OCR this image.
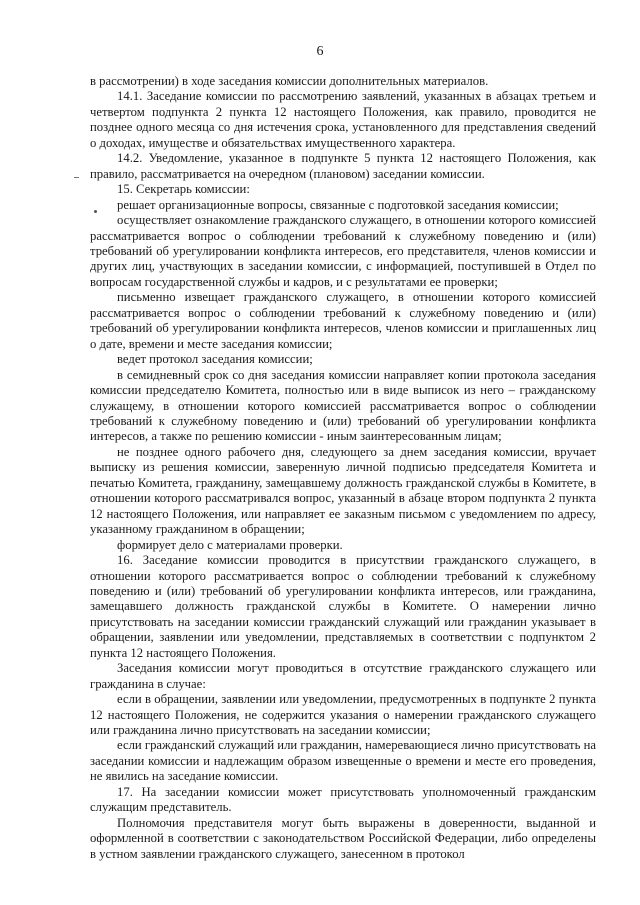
6

в рассмотрении) в ходе заседания комиссии дополнительных материалов.

14.1. Заседание комиссии по рассмотрению заявлений, указанных в абзацах третьем и четвертом подпункта 2 пункта 12 настоящего Положения, как правило, проводится не позднее одного месяца со дня истечения срока, установленного для представления сведений о доходах, имуществе и обязательствах имущественного характера.

14.2. Уведомление, указанное в подпункте 5 пункта 12 настоящего Положения, как правило, рассматривается на очередном (плановом) заседании комиссии.

15. Секретарь комиссии:

решает организационные вопросы, связанные с подготовкой заседания комиссии;

осуществляет ознакомление гражданского служащего, в отношении которого комиссией рассматривается вопрос о соблюдении требований к служебному поведению и (или) требований об урегулировании конфликта интересов, его представителя, членов комиссии и других лиц, участвующих в заседании комиссии, с информацией, поступившей в Отдел по вопросам государственной службы и кадров, и с результатами ее проверки;

письменно извещает гражданского служащего, в отношении которого комиссией рассматривается вопрос о соблюдении требований к служебному поведению и (или) требований об урегулировании конфликта интересов, членов комиссии и приглашенных лиц о дате, времени и месте заседания комиссии;

ведет протокол заседания комиссии;

в семидневный срок со дня заседания комиссии направляет копии протокола заседания комиссии председателю Комитета, полностью или в виде выписок из него – гражданскому служащему, в отношении которого комиссией рассматривается вопрос о соблюдении требований к служебному поведению и (или) требований об урегулировании конфликта интересов, а также по решению комиссии - иным заинтересованным лицам;

не позднее одного рабочего дня, следующего за днем заседания комиссии, вручает выписку из решения комиссии, заверенную личной подписью председателя Комитета и печатью Комитета, гражданину, замещавшему должность гражданской службы в Комитете, в отношении которого рассматривался вопрос, указанный в абзаце втором подпункта 2 пункта 12 настоящего Положения, или направляет ее заказным письмом с уведомлением по адресу, указанному гражданином в обращении;

формирует дело с материалами проверки.

16. Заседание комиссии проводится в присутствии гражданского служащего, в отношении которого рассматривается вопрос о соблюдении требований к служебному поведению и (или) требований об урегулировании конфликта интересов, или гражданина, замещавшего должность гражданской службы в Комитете. О намерении лично присутствовать на заседании комиссии гражданский служащий или гражданин указывает в обращении, заявлении или уведомлении, представляемых в соответствии с подпунктом 2 пункта 12 настоящего Положения.

Заседания комиссии могут проводиться в отсутствие гражданского служащего или гражданина в случае:

если в обращении, заявлении или уведомлении, предусмотренных в подпункте 2 пункта 12 настоящего Положения, не содержится указания о намерении гражданского служащего или гражданина лично присутствовать на заседании комиссии;

если гражданский служащий или гражданин, намеревающиеся лично присутствовать на заседании комиссии и надлежащим образом извещенные о времени и месте его проведения, не явились на заседание комиссии.

17. На заседании комиссии может присутствовать уполномоченный гражданским служащим представитель.

Полномочия представителя могут быть выражены в доверенности, выданной и оформленной в соответствии с законодательством Российской Федерации, либо определены в устном заявлении гражданского служащего, занесенном в протокол
